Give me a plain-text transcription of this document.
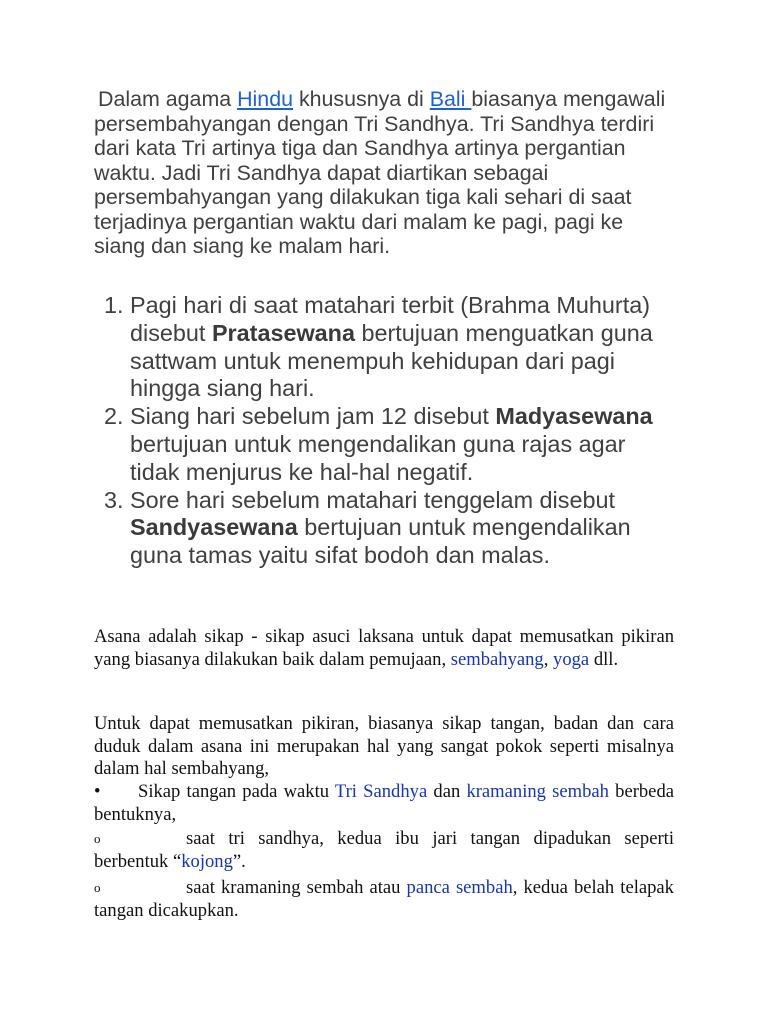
Dalam agama Hindu khususnya di Bali biasanya mengawali persembahyangan dengan Tri Sandhya. Tri Sandhya terdiri dari kata Tri artinya tiga dan Sandhya artinya pergantian waktu. Jadi Tri Sandhya dapat diartikan sebagai persembahyangan yang dilakukan tiga kali sehari di saat terjadinya pergantian waktu dari malam ke pagi, pagi ke siang dan siang ke malam hari.
1. Pagi hari di saat matahari terbit (Brahma Muhurta) disebut Pratasewana bertujuan menguatkan guna sattwam untuk menempuh kehidupan dari pagi hingga siang hari.
2. Siang hari sebelum jam 12 disebut Madyasewana bertujuan untuk mengendalikan guna rajas agar tidak menjurus ke hal-hal negatif.
3. Sore hari sebelum matahari tenggelam disebut Sandyasewana bertujuan untuk mengendalikan guna tamas yaitu sifat bodoh dan malas.
Asana adalah sikap - sikap asuci laksana untuk dapat memusatkan pikiran yang biasanya dilakukan baik dalam pemujaan, sembahyang, yoga dll.
Untuk dapat memusatkan pikiran, biasanya sikap tangan, badan dan cara duduk dalam asana ini merupakan hal yang sangat pokok seperti misalnya dalam hal sembahyang,
• Sikap tangan pada waktu Tri Sandhya dan kramaning sembah berbeda bentuknya,
o	saat tri sandhya, kedua ibu jari tangan dipadukan seperti berbentuk “kojong”.
o	saat kramaning sembah atau panca sembah, kedua belah telapak tangan dicakupkan.
